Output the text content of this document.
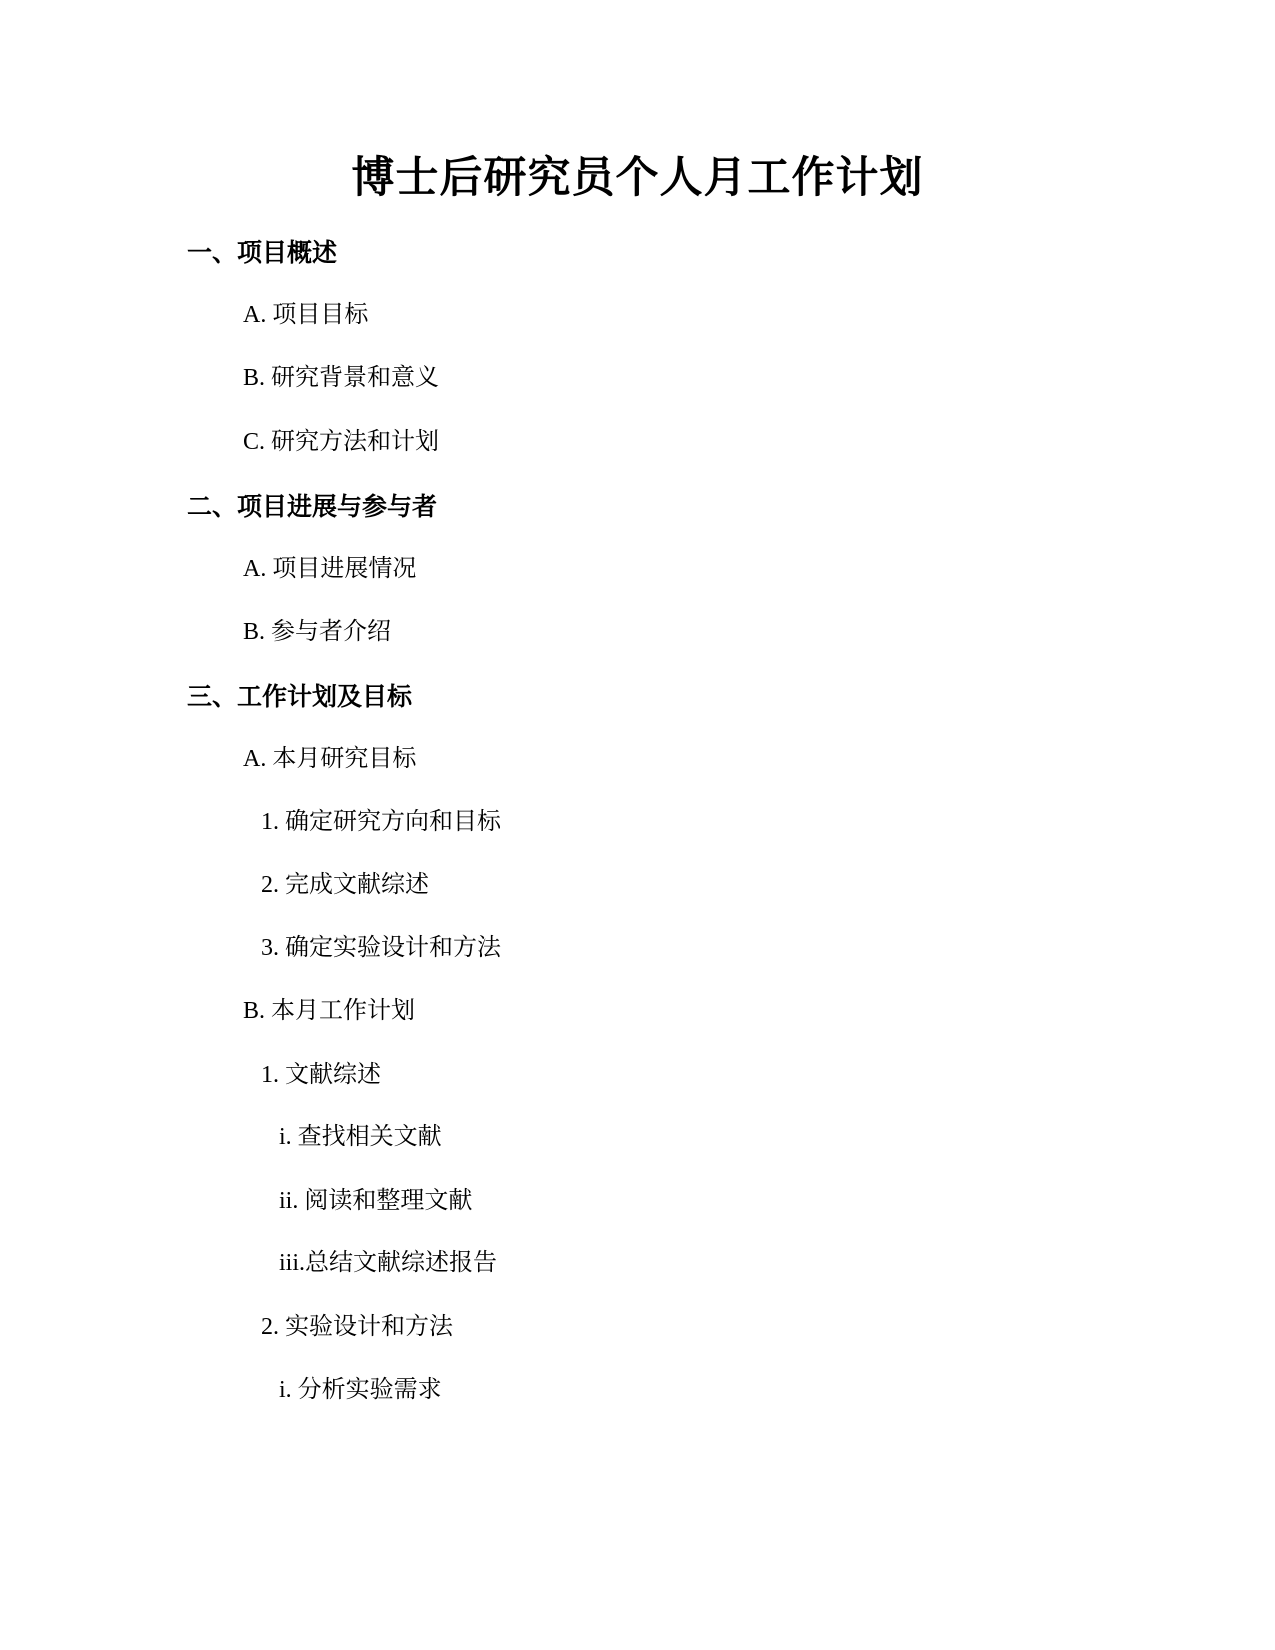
博士后研究员个人月工作计划
一、项目概述
A. 项目目标
B. 研究背景和意义
C. 研究方法和计划
二、项目进展与参与者
A. 项目进展情况
B. 参与者介绍
三、工作计划及目标
A. 本月研究目标
1. 确定研究方向和目标
2. 完成文献综述
3. 确定实验设计和方法
B. 本月工作计划
1. 文献综述
i. 查找相关文献
ii. 阅读和整理文献
iii.总结文献综述报告
2. 实验设计和方法
i. 分析实验需求
